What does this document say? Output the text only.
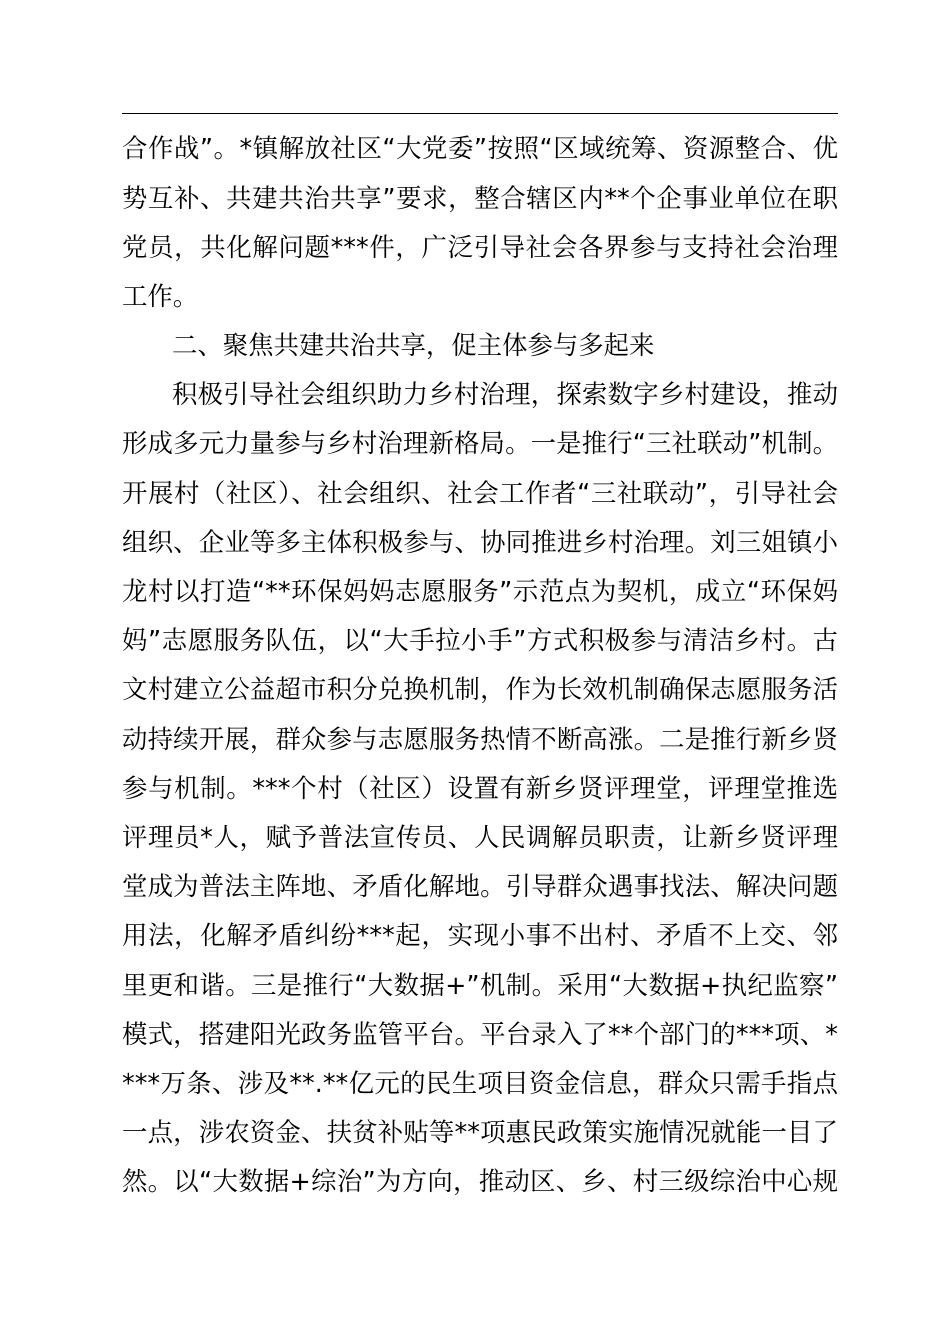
合作战”。*镇解放社区“大党委”按照“区域统筹、资源整合、优
势互补、共建共治共享”要求，整合辖区内**个企事业单位在职
党员，共化解问题***件，广泛引导社会各界参与支持社会治理
工作。
二、聚焦共建共治共享，促主体参与多起来
积极引导社会组织助力乡村治理，探索数字乡村建设，推动
形成多元力量参与乡村治理新格局。一是推行“三社联动”机制。
开展村（社区）、社会组织、社会工作者“三社联动”，引导社会
组织、企业等多主体积极参与、协同推进乡村治理。刘三姐镇小
龙村以打造“**环保妈妈志愿服务”示范点为契机，成立“环保妈
妈”志愿服务队伍，以“大手拉小手”方式积极参与清洁乡村。古
文村建立公益超市积分兑换机制，作为长效机制确保志愿服务活
动持续开展，群众参与志愿服务热情不断高涨。二是推行新乡贤
参与机制。***个村（社区）设置有新乡贤评理堂，评理堂推选
评理员*人，赋予普法宣传员、人民调解员职责，让新乡贤评理
堂成为普法主阵地、矛盾化解地。引导群众遇事找法、解决问题
用法，化解矛盾纠纷***起，实现小事不出村、矛盾不上交、邻
里更和谐。三是推行“大数据+”机制。采用“大数据+执纪监察”
模式，搭建阳光政务监管平台。平台录入了**个部门的***项、*
***万条、涉及**.**亿元的民生项目资金信息，群众只需手指点
一点，涉农资金、扶贫补贴等**项惠民政策实施情况就能一目了
然。以“大数据+综治”为方向，推动区、乡、村三级综治中心规
